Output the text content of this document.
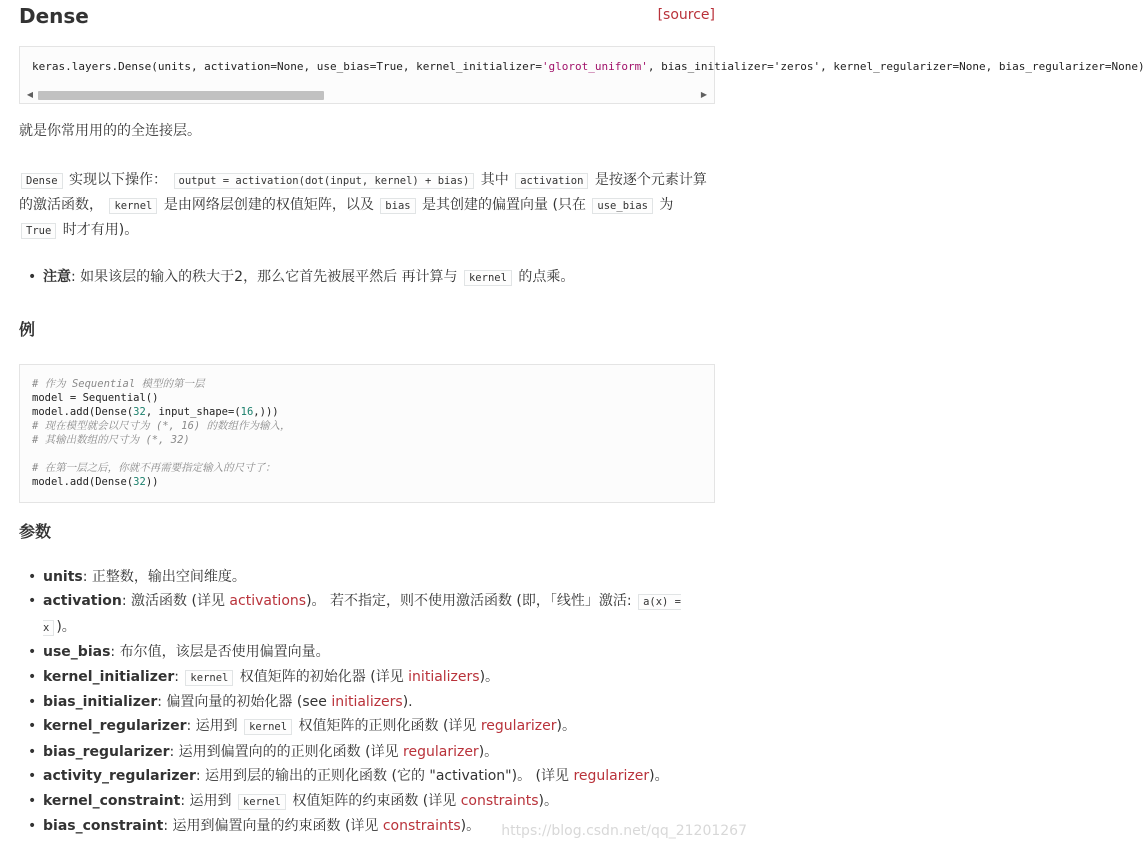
Dense	[source]
keras.layers.Dense(units, activation=None, use_bias=True, kernel_initializer='glorot_uniform', bias_initializer='zeros', kernel_regularizer=None, bias_regularizer=None)
◀	▶
就是你常用用的的全连接层。
Dense 实现以下操作： output = activation(dot(input, kernel) + bias) 其中 activation 是按逐个元素计算的激活函数， kernel 是由网络层创建的权值矩阵，以及 bias 是其创建的偏置向量 (只在 use_bias 为 True 时才有用)。
• 注意: 如果该层的输入的秩大于2，那么它首先被展平然后 再计算与 kernel 的点乘。
例
# 作为 Sequential 模型的第一层
model = Sequential()
model.add(Dense(32, input_shape=(16,)))
# 现在模型就会以尺寸为 (*, 16) 的数组作为输入，
# 其输出数组的尺寸为 (*, 32)

# 在第一层之后，你就不再需要指定输入的尺寸了：
model.add(Dense(32))
参数
• units: 正整数，输出空间维度。
• activation: 激活函数 (详见 activations)。 若不指定，则不使用激活函数 (即，「线性」激活: a(x) = x )。
• use_bias: 布尔值，该层是否使用偏置向量。
• kernel_initializer: kernel 权值矩阵的初始化器 (详见 initializers)。
• bias_initializer: 偏置向量的初始化器 (see initializers).
• kernel_regularizer: 运用到 kernel 权值矩阵的正则化函数 (详见 regularizer)。
• bias_regularizer: 运用到偏置向的的正则化函数 (详见 regularizer)。
• activity_regularizer: 运用到层的输出的正则化函数 (它的 "activation")。 (详见 regularizer)。
• kernel_constraint: 运用到 kernel 权值矩阵的约束函数 (详见 constraints)。
• bias_constraint: 运用到偏置向量的约束函数 (详见 constraints)。	https://blog.csdn.net/qq_21201267
